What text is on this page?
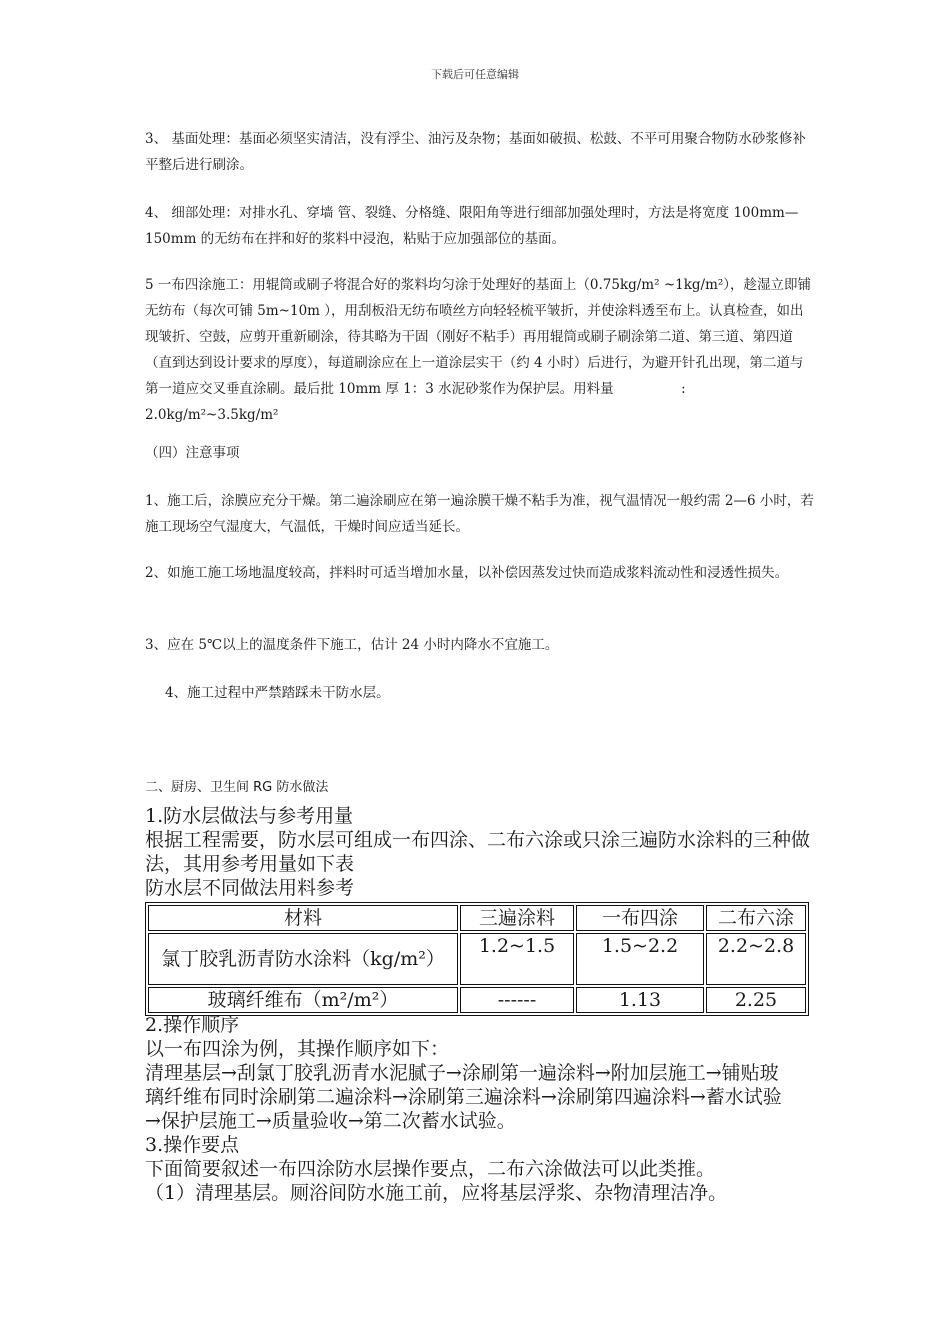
下载后可任意编辑

3、 基面处理：基面必须坚实清洁，没有浮尘、油污及杂物；基面如破损、松鼓、不平可用聚合物防水砂浆修补平整后进行刷涂。

4、 细部处理：对排水孔、穿墙 管、裂缝、分格缝、限阳角等进行细部加强处理时，方法是将宽度 100mm—150mm 的无纺布在拌和好的浆料中浸泡，粘贴于应加强部位的基面。

5 一布四涂施工：用辊筒或刷子将混合好的浆料均匀涂于处理好的基面上（0.75kg/m² ~1kg/m²），趁湿立即铺无纺布（每次可铺 5m~10m ），用刮板沿无纺布喷丝方向轻轻梳平皱折，并使涂料透至布上。认真检查，如出现皱折、空鼓，应剪开重新刷涂，待其略为干固（刚好不粘手）再用辊筒或刷子刷涂第二道、第三道、第四道（直到达到设计要求的厚度），每道刷涂应在上一道涂层实干（约 4 小时）后进行，为避开针孔出现，第二道与第一道应交叉垂直涂刷。最后批 10mm 厚 1：3 水泥砂浆作为保护层。用料量　　　　　: 2.0kg/m²~3.5kg/m²

（四）注意事项

1、施工后，涂膜应充分干燥。第二遍涂刷应在第一遍涂膜干燥不粘手为准，视气温情况一般约需 2—6 小时，若施工现场空气湿度大，气温低，干燥时间应适当延长。

2、如施工施工场地温度较高，拌料时可适当增加水量，以补偿因蒸发过快而造成浆料流动性和浸透性损失。

3、应在 5℃以上的温度条件下施工，估计 24 小时内降水不宜施工。

4、施工过程中严禁踏踩未干防水层。

二、厨房、卫生间 RG 防水做法

1.防水层做法与参考用量

根据工程需要，防水层可组成一布四涂、二布六涂或只涂三遍防水涂料的三种做法，其用参考用量如下表

防水层不同做法用料参考

材料	三遍涂料	一布四涂	二布六涂
氯丁胶乳沥青防水涂料（kg/m²）	1.2~1.5	1.5~2.2	2.2~2.8
玻璃纤维布（m²/m²）	------	1.13	2.25

2.操作顺序

以一布四涂为例，其操作顺序如下：

清理基层→刮氯丁胶乳沥青水泥腻子→涂刷第一遍涂料→附加层施工→铺贴玻璃纤维布同时涂刷第二遍涂料→涂刷第三遍涂料→涂刷第四遍涂料→蓄水试验→保护层施工→质量验收→第二次蓄水试验。

3.操作要点

下面简要叙述一布四涂防水层操作要点，二布六涂做法可以此类推。

（1）清理基层。厕浴间防水施工前，应将基层浮浆、杂物清理洁净。
